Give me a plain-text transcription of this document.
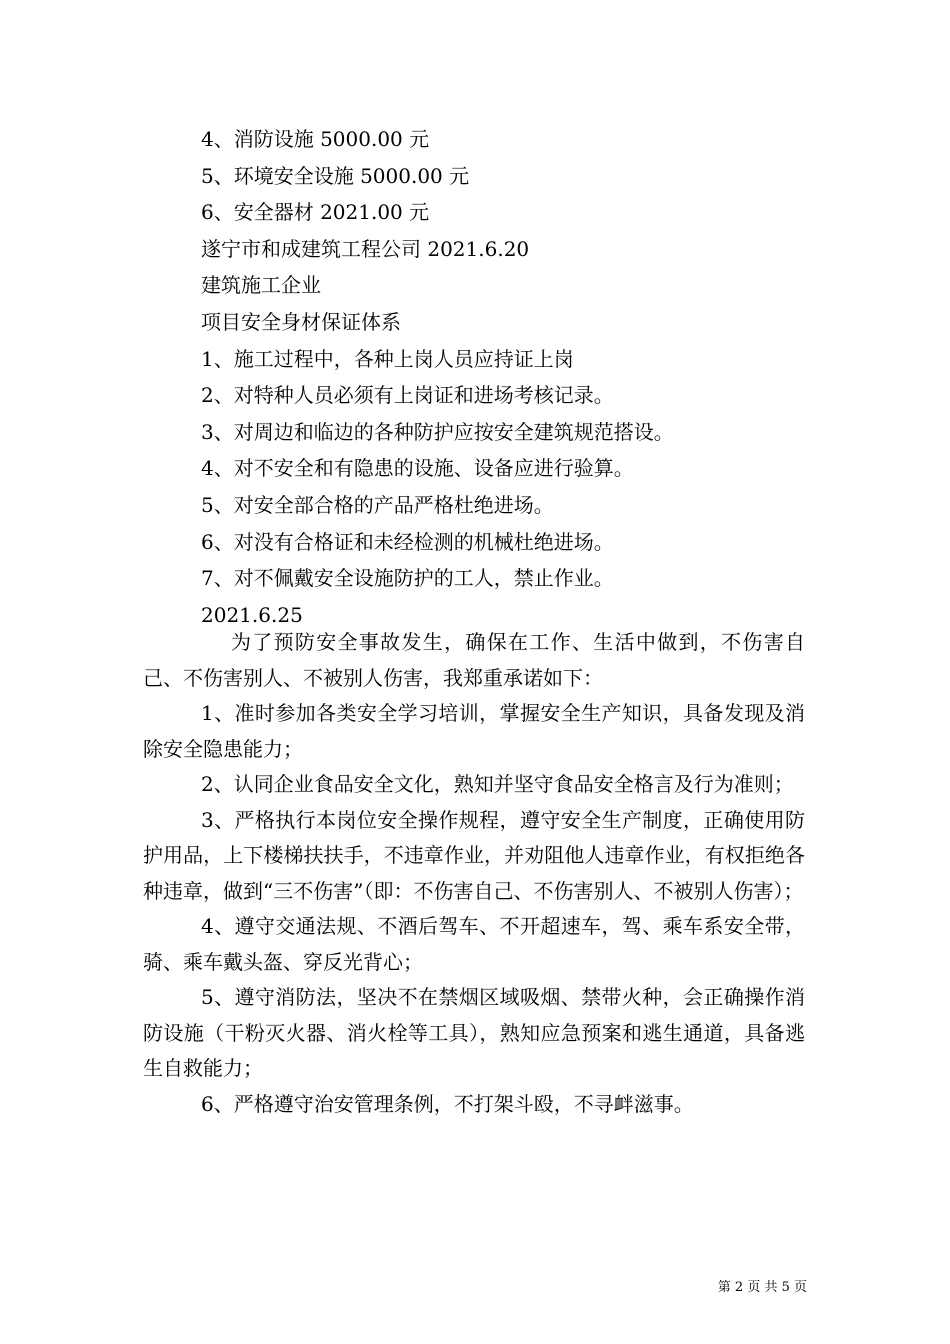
4、消防设施 5000.00 元

5、环境安全设施 5000.00 元

6、安全器材 2021.00 元

遂宁市和成建筑工程公司 2021.6.20

建筑施工企业

项目安全身材保证体系

1、施工过程中，各种上岗人员应持证上岗

2、对特种人员必须有上岗证和进场考核记录。

3、对周边和临边的各种防护应按安全建筑规范搭设。

4、对不安全和有隐患的设施、设备应进行验算。

5、对安全部合格的产品严格杜绝进场。

6、对没有合格证和未经检测的机械杜绝进场。

7、对不佩戴安全设施防护的工人，禁止作业。

2021.6.25

为了预防安全事故发生，确保在工作、生活中做到，不伤害自己、不伤害别人、不被别人伤害，我郑重承诺如下：

1、准时参加各类安全学习培训，掌握安全生产知识，具备发现及消除安全隐患能力；

2、认同企业食品安全文化，熟知并坚守食品安全格言及行为准则；

3、严格执行本岗位安全操作规程，遵守安全生产制度，正确使用防护用品，上下楼梯扶扶手，不违章作业，并劝阻他人违章作业，有权拒绝各种违章，做到“三不伤害”（即：不伤害自己、不伤害别人、不被别人伤害）；

4、遵守交通法规、不酒后驾车、不开超速车，驾、乘车系安全带，骑、乘车戴头盔、穿反光背心；

5、遵守消防法，坚决不在禁烟区域吸烟、禁带火种，会正确操作消防设施（干粉灭火器、消火栓等工具），熟知应急预案和逃生通道，具备逃生自救能力；

6、严格遵守治安管理条例，不打架斗殴，不寻衅滋事。

第 2 页 共 5 页
